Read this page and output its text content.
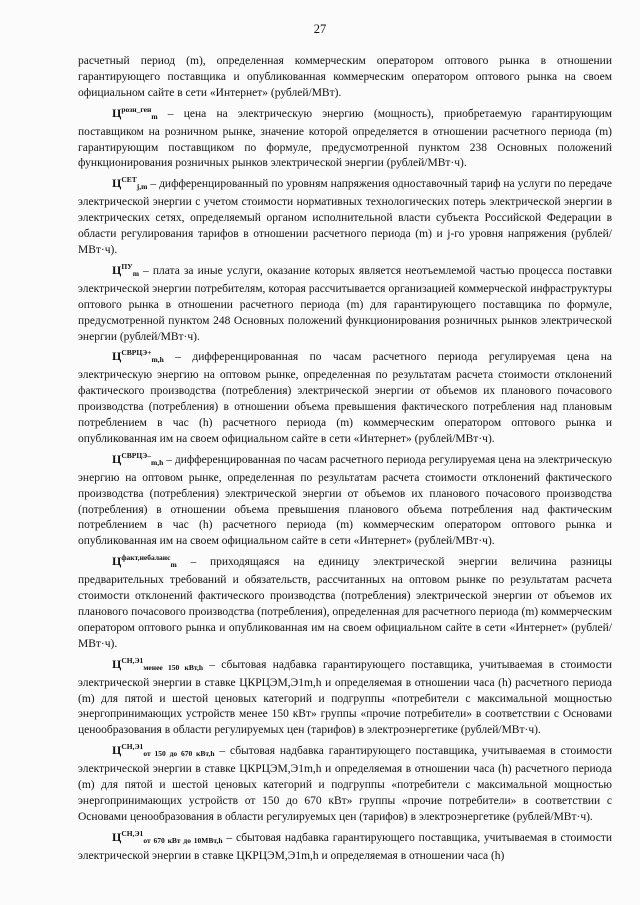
27

расчетный период (m), определенная коммерческим оператором оптового рынка в отношении гарантирующего поставщика и опубликованная коммерческим оператором оптового рынка на своем официальном сайте в сети «Интернет» (рублей/МВт).

$Ц^{розн\_ген}_m$ – цена на электрическую энергию (мощность), приобретаемую гарантирующим поставщиком на розничном рынке, значение которой определяется в отношении расчетного периода (m) гарантирующим поставщиком по формуле, предусмотренной пунктом 238 Основных положений функционирования розничных рынков электрической энергии (рублей/МВт·ч).

$Ц^{СЕТ}_{j,m}$ – дифференцированный по уровням напряжения одноставочный тариф на услуги по передаче электрической энергии с учетом стоимости нормативных технологических потерь электрической энергии в электрических сетях, определяемый органом исполнительной власти субъекта Российской Федерации в области регулирования тарифов в отношении расчетного периода (m) и j-го уровня напряжения (рублей/МВт·ч).

$Ц^{ПУ}_m$ – плата за иные услуги, оказание которых является неотъемлемой частью процесса поставки электрической энергии потребителям, которая рассчитывается организацией коммерческой инфраструктуры оптового рынка в отношении расчетного периода (m) для гарантирующего поставщика по формуле, предусмотренной пунктом 248 Основных положений функционирования розничных рынков электрической энергии (рублей/МВт·ч).

$Ц^{СВРЦЭ+}_{m,h}$ – дифференцированная по часам расчетного периода регулируемая цена на электрическую энергию на оптовом рынке, определенная по результатам расчета стоимости отклонений фактического производства (потребления) электрической энергии от объемов их планового почасового производства (потребления) в отношении объема превышения фактического потребления над плановым потреблением в час (h) расчетного периода (m) коммерческим оператором оптового рынка и опубликованная им на своем официальном сайте в сети «Интернет» (рублей/МВт·ч).

$Ц^{СВРЦЭ-}_{m,h}$ – дифференцированная по часам расчетного периода регулируемая цена на электрическую энергию на оптовом рынке, определенная по результатам расчета стоимости отклонений фактического производства (потребления) электрической энергии от объемов их планового почасового производства (потребления) в отношении объема превышения планового объема потребления над фактическим потреблением в час (h) расчетного периода (m) коммерческим оператором оптового рынка и опубликованная им на своем официальном сайте в сети «Интернет» (рублей/МВт·ч).

$Ц^{факт,небаланс}_m$ – приходящаяся на единицу электрической энергии величина разницы предварительных требований и обязательств, рассчитанных на оптовом рынке по результатам расчета стоимости отклонений фактического производства (потребления) электрической энергии от объемов их планового почасового производства (потребления), определенная для расчетного периода (m) коммерческим оператором оптового рынка и опубликованная им на своем официальном сайте в сети «Интернет» (рублей/МВт·ч).

$Ц^{СН,Э1}_{менее 150 кВт,h}$ – сбытовая надбавка гарантирующего поставщика, учитываемая в стоимости электрической энергии в ставке ЦКРЦЭМ,Э1m,h и определяемая в отношении часа (h) расчетного периода (m) для пятой и шестой ценовых категорий и подгруппы «потребители с максимальной мощностью энергопринимающих устройств менее 150 кВт» группы «прочие потребители» в соответствии с Основами ценообразования в области регулируемых цен (тарифов) в электроэнергетике (рублей/МВт·ч).

$Ц^{СН,Э1}_{от 150 до 670 кВт,h}$ – сбытовая надбавка гарантирующего поставщика, учитываемая в стоимости электрической энергии в ставке ЦКРЦЭМ,Э1m,h и определяемая в отношении часа (h) расчетного периода (m) для пятой и шестой ценовых категорий и подгруппы «потребители с максимальной мощностью энергопринимающих устройств от 150 до 670 кВт» группы «прочие потребители» в соответствии с Основами ценообразования в области регулируемых цен (тарифов) в электроэнергетике (рублей/МВт·ч).

$Ц^{СН,Э1}_{от 670 кВт до 10МВт,h}$ – сбытовая надбавка гарантирующего поставщика, учитываемая в стоимости электрической энергии в ставке ЦКРЦЭМ,Э1m,h и определяемая в отношении часа (h)
